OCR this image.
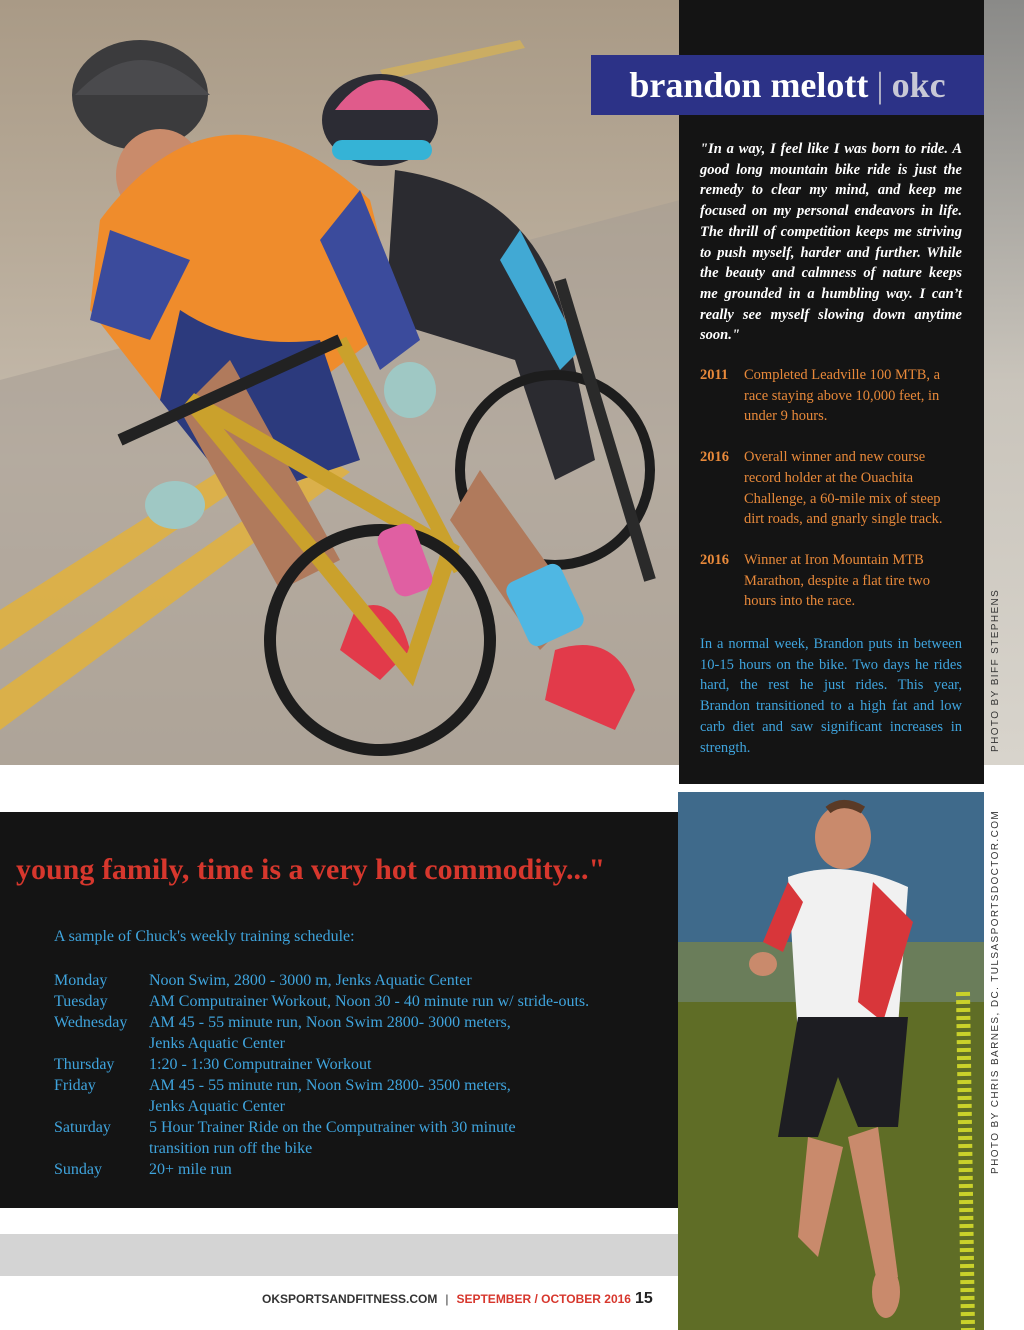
brandon melott | okc

"In a way, I feel like I was born to ride. A good long mountain bike ride is just the remedy to clear my mind, and keep me focused on my personal endeavors in life. The thrill of competition keeps me striving to push myself, harder and further. While the beauty and calmness of nature keeps me grounded in a humbling way. I can’t really see myself slowing down anytime soon."

2011	Completed Leadville 100 MTB, a race staying above 10,000 feet, in under 9 hours.
2016	Overall winner and new course record holder at the Ouachita Challenge, a 60-mile mix of steep dirt roads, and gnarly single track.
2016	Winner at Iron Mountain MTB Marathon, despite a flat tire two hours into the race.

In a normal week, Brandon puts in between 10-15 hours on the bike. Two days he rides hard, the rest he just rides. This year, Brandon transitioned to a high fat and low carb diet and saw significant increases in strength.	PHOTO BY BIFF STEPHENS
young family, time is a very hot commodity..."
A sample of Chuck's weekly training schedule:
Monday	Noon Swim, 2800 - 3000 m, Jenks Aquatic Center
Tuesday	AM Computrainer Workout, Noon 30 - 40 minute run w/ stride-outs.
Wednesday	AM 45 - 55 minute run, Noon Swim 2800- 3000 meters,
Jenks Aquatic Center
Thursday	1:20 - 1:30 Computrainer Workout
Friday	AM 45 - 55 minute run, Noon Swim 2800- 3500 meters,
Jenks Aquatic Center
Saturday	5 Hour Trainer Ride on the Computrainer with 30 minute
transition run off the bike
Sunday	20+ mile run	PHOTO BY CHRIS BARNES, DC. TULSASPORTSDOCTOR.COM
OKSPORTSANDFITNESS.COM | SEPTEMBER / OCTOBER 2016 15
